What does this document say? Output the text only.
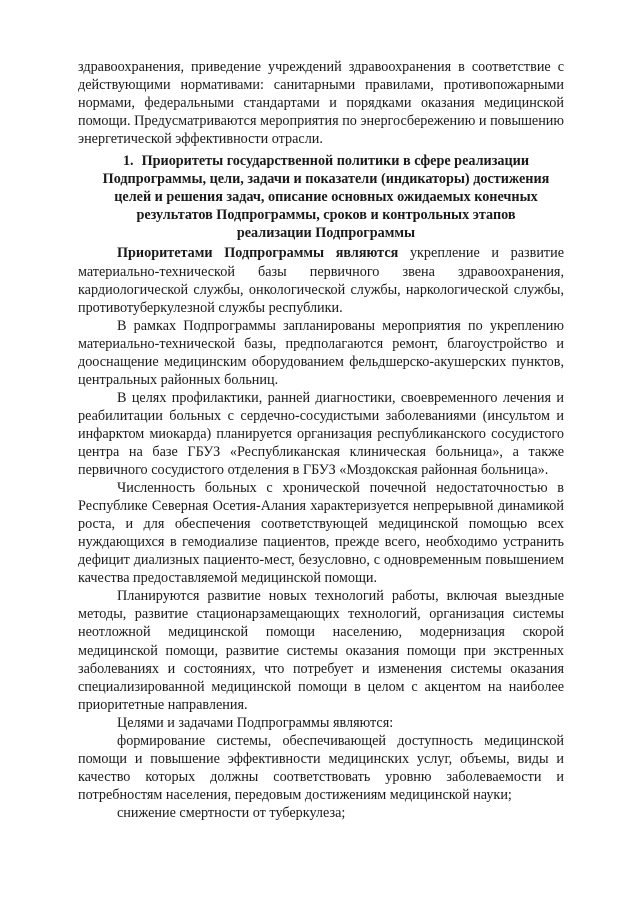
здравоохранения, приведение учреждений здравоохранения в соответствие с действующими нормативами: санитарными правилами, противопожарными нормами, федеральными стандартами и порядками оказания медицинской помощи. Предусматриваются мероприятия по энергосбережению и повышению энергетической эффективности отрасли.

1. Приоритеты государственной политики в сфере реализации Подпрограммы, цели, задачи и показатели (индикаторы) достижения целей и решения задач, описание основных ожидаемых конечных результатов Подпрограммы, сроков и контрольных этапов реализации Подпрограммы

Приоритетами Подпрограммы являются укрепление и развитие материально-технической базы первичного звена здравоохранения, кардиологической службы, онкологической службы, наркологической службы, противотуберкулезной службы республики.

В рамках Подпрограммы запланированы мероприятия по укреплению материально-технической базы, предполагаются ремонт, благоустройство и дооснащение медицинским оборудованием фельдшерско-акушерских пунктов, центральных районных больниц.

В целях профилактики, ранней диагностики, своевременного лечения и реабилитации больных с сердечно-сосудистыми заболеваниями (инсультом и инфарктом миокарда) планируется организация республиканского сосудистого центра на базе ГБУЗ «Республиканская клиническая больница», а также первичного сосудистого отделения в ГБУЗ «Моздокская районная больница».

Численность больных с хронической почечной недостаточностью в Республике Северная Осетия-Алания характеризуется непрерывной динамикой роста, и для обеспечения соответствующей медицинской помощью всех нуждающихся в гемодиализе пациентов, прежде всего, необходимо устранить дефицит диализных пациенто-мест, безусловно, с одновременным повышением качества предоставляемой медицинской помощи.

Планируются развитие новых технологий работы, включая выездные методы, развитие стационарзамещающих технологий, организация системы неотложной медицинской помощи населению, модернизация скорой медицинской помощи, развитие системы оказания помощи при экстренных заболеваниях и состояниях, что потребует и изменения системы оказания специализированной медицинской помощи в целом с акцентом на наиболее приоритетные направления.

Целями и задачами Подпрограммы являются:

формирование системы, обеспечивающей доступность медицинской помощи и повышение эффективности медицинских услуг, объемы, виды и качество которых должны соответствовать уровню заболеваемости и потребностям населения, передовым достижениям медицинской науки;

снижение смертности от туберкулеза;
